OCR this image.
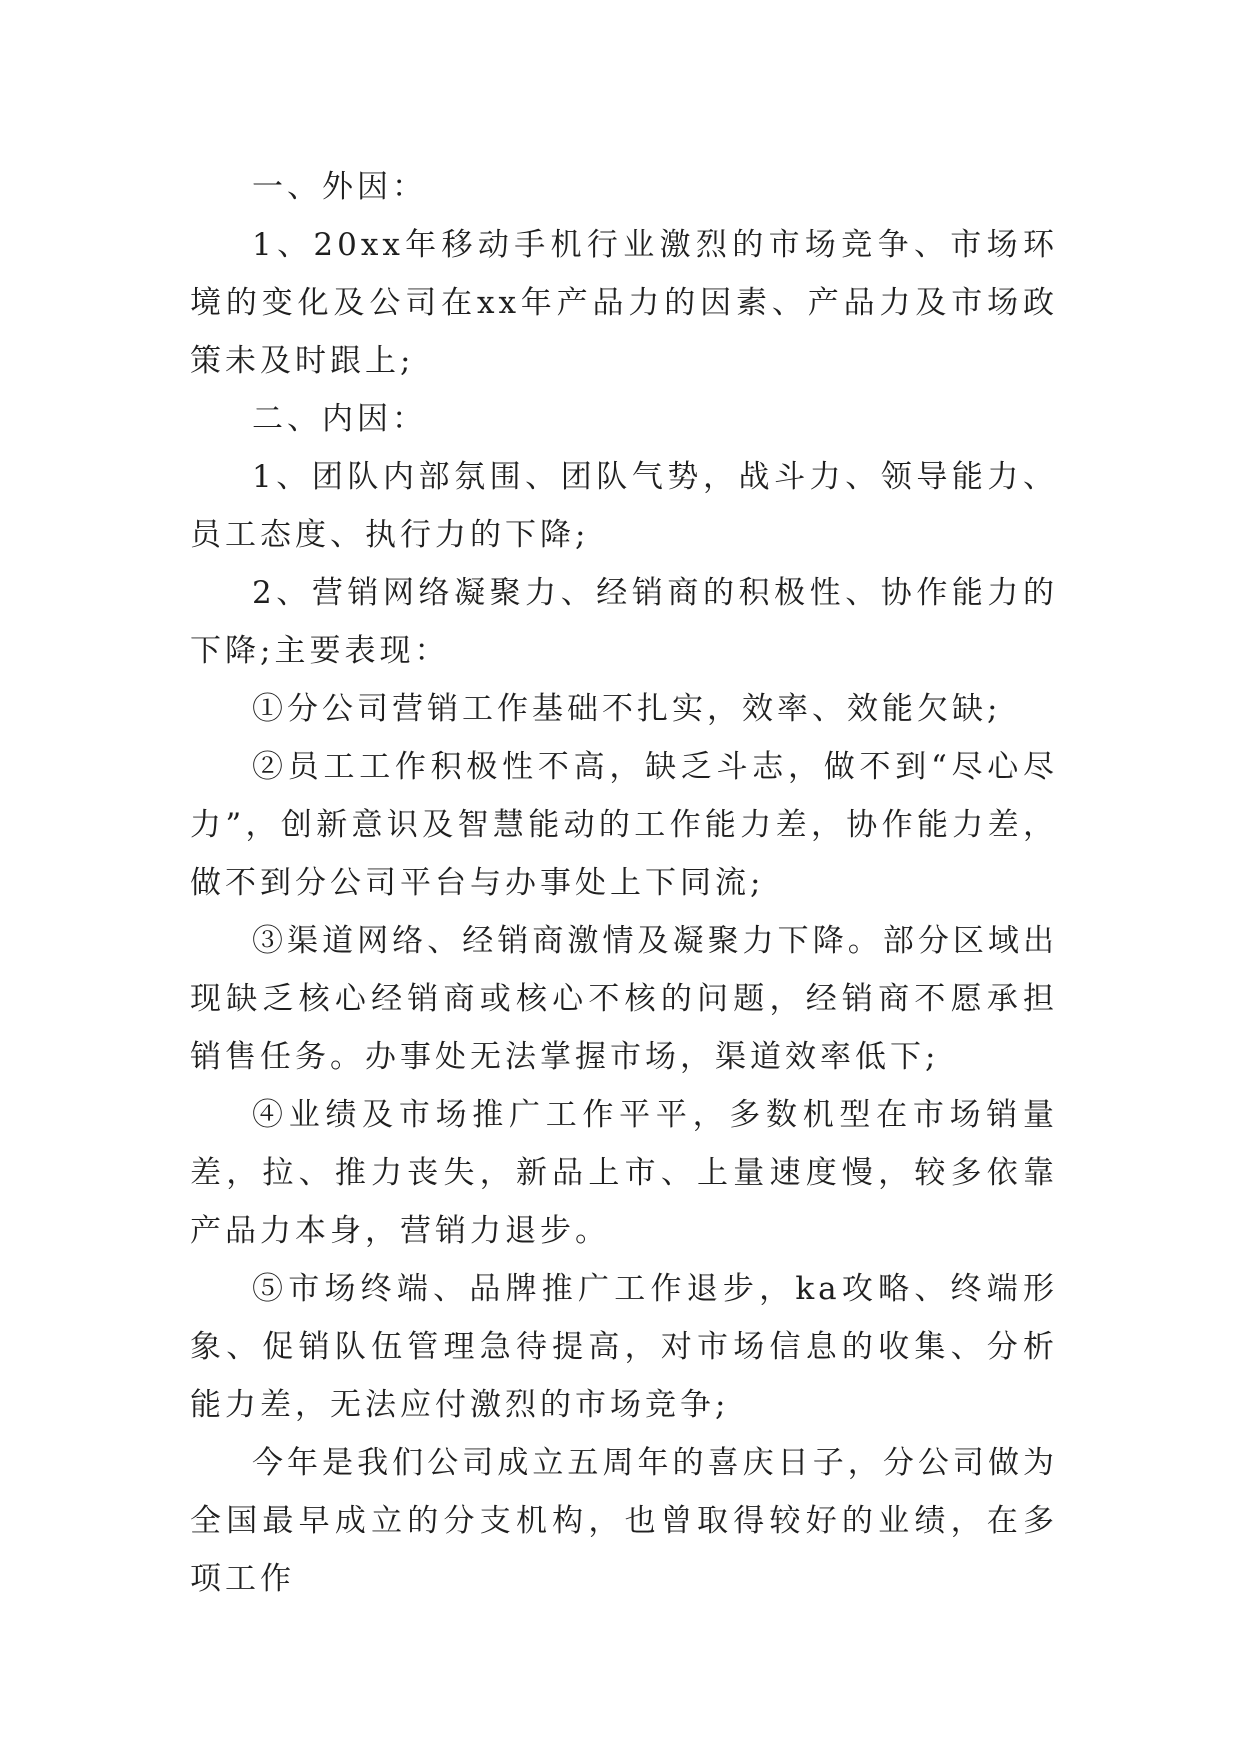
一、外因：

1、20xx年移动手机行业激烈的市场竞争、市场环境的变化及公司在xx年产品力的因素、产品力及市场政策未及时跟上;

二、内因：

1、团队内部氛围、团队气势，战斗力、领导能力、员工态度、执行力的下降;

2、营销网络凝聚力、经销商的积极性、协作能力的下降;主要表现：

①分公司营销工作基础不扎实，效率、效能欠缺;

②员工工作积极性不高，缺乏斗志，做不到“尽心尽力”，创新意识及智慧能动的工作能力差，协作能力差，做不到分公司平台与办事处上下同流;

③渠道网络、经销商激情及凝聚力下降。部分区域出现缺乏核心经销商或核心不核的问题，经销商不愿承担销售任务。办事处无法掌握市场，渠道效率低下;

④业绩及市场推广工作平平，多数机型在市场销量差，拉、推力丧失，新品上市、上量速度慢，较多依靠产品力本身，营销力退步。

⑤市场终端、品牌推广工作退步，ka攻略、终端形象、促销队伍管理急待提高，对市场信息的收集、分析能力差，无法应付激烈的市场竞争;

今年是我们公司成立五周年的喜庆日子，分公司做为全国最早成立的分支机构，也曾取得较好的业绩，在多项工作
